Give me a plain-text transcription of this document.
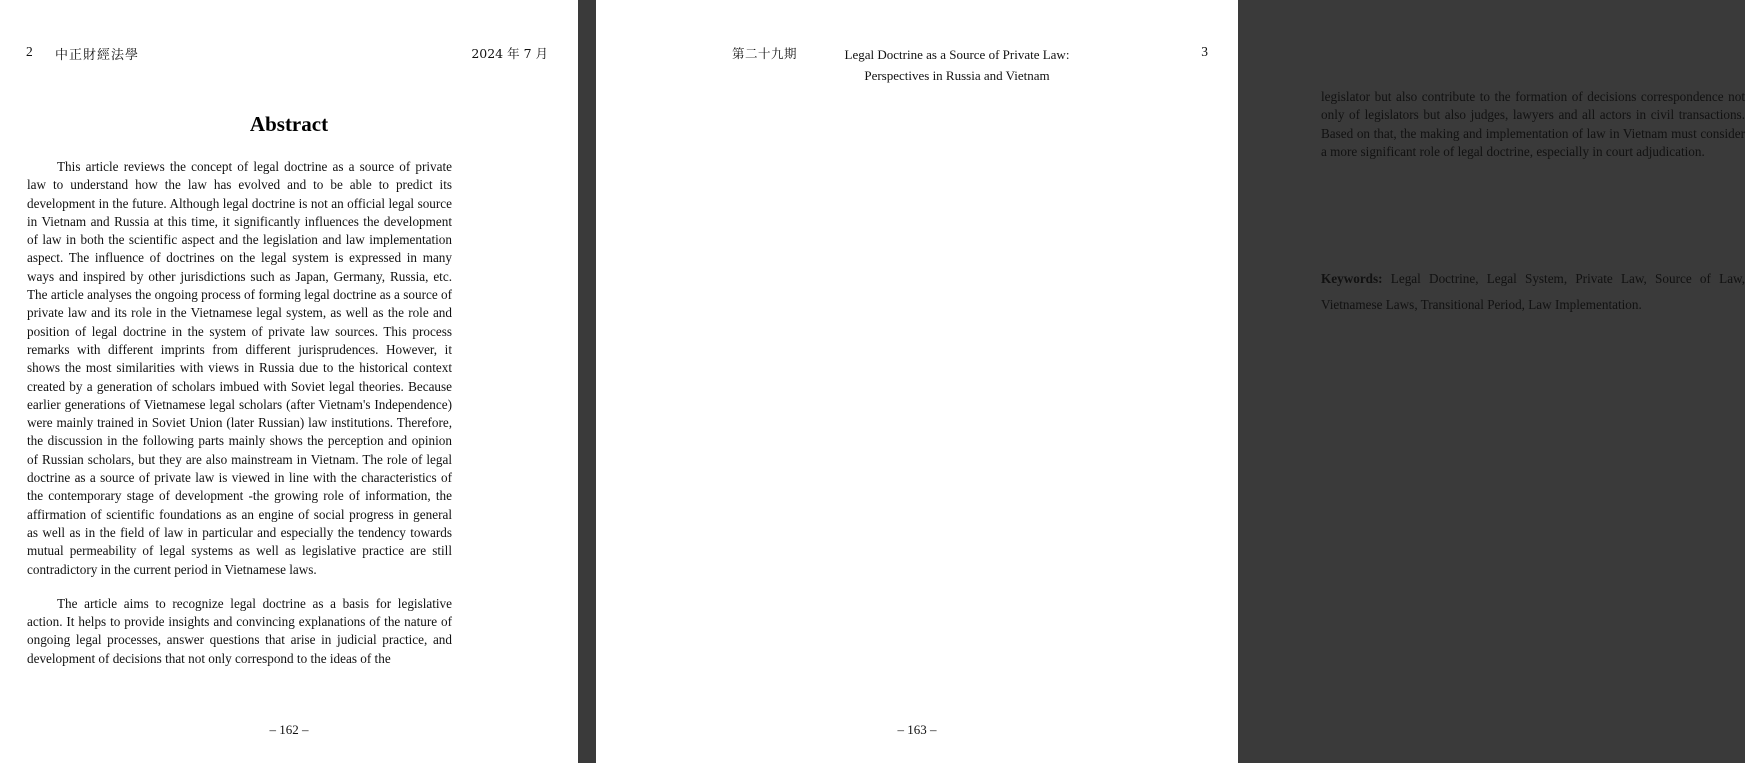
2 中正財經法學	2024 年 7 月
Abstract

This article reviews the concept of legal doctrine as a source of private law to understand how the law has evolved and to be able to predict its development in the future. Although legal doctrine is not an official legal source in Vietnam and Russia at this time, it significantly influences the development of law in both the scientific aspect and the legislation and law implementation aspect. The influence of doctrines on the legal system is expressed in many ways and inspired by other jurisdictions such as Japan, Germany, Russia, etc. The article analyses the ongoing process of forming legal doctrine as a source of private law and its role in the Vietnamese legal system, as well as the role and position of legal doctrine in the system of private law sources. This process remarks with different imprints from different jurisprudences. However, it shows the most similarities with views in Russia due to the historical context created by a generation of scholars imbued with Soviet legal theories. Because earlier generations of Vietnamese legal scholars (after Vietnam's Independence) were mainly trained in Soviet Union (later Russian) law institutions. Therefore, the discussion in the following parts mainly shows the perception and opinion of Russian scholars, but they are also mainstream in Vietnam. The role of legal doctrine as a source of private law is viewed in line with the characteristics of the contemporary stage of development -the growing role of information, the affirmation of scientific foundations as an engine of social progress in general as well as in the field of law in particular and especially the tendency towards mutual permeability of legal systems as well as legislative practice are still contradictory in the current period in Vietnamese laws.

The article aims to recognize legal doctrine as a basis for legislative action. It helps to provide insights and convincing explanations of the nature of ongoing legal processes, answer questions that arise in judicial practice, and development of decisions that not only correspond to the ideas of the

– 162 –
第二十九期	Legal Doctrine as a Source of Private Law:
Perspectives in Russia and Vietnam
3

legislator but also contribute to the formation of decisions correspondence not only of legislators but also judges, lawyers and all actors in civil transactions. Based on that, the making and implementation of law in Vietnam must consider a more significant role of legal doctrine, especially in court adjudication.

Keywords: Legal Doctrine, Legal System, Private Law, Source of Law, Vietnamese Laws, Transitional Period, Law Implementation.
– 163 –
